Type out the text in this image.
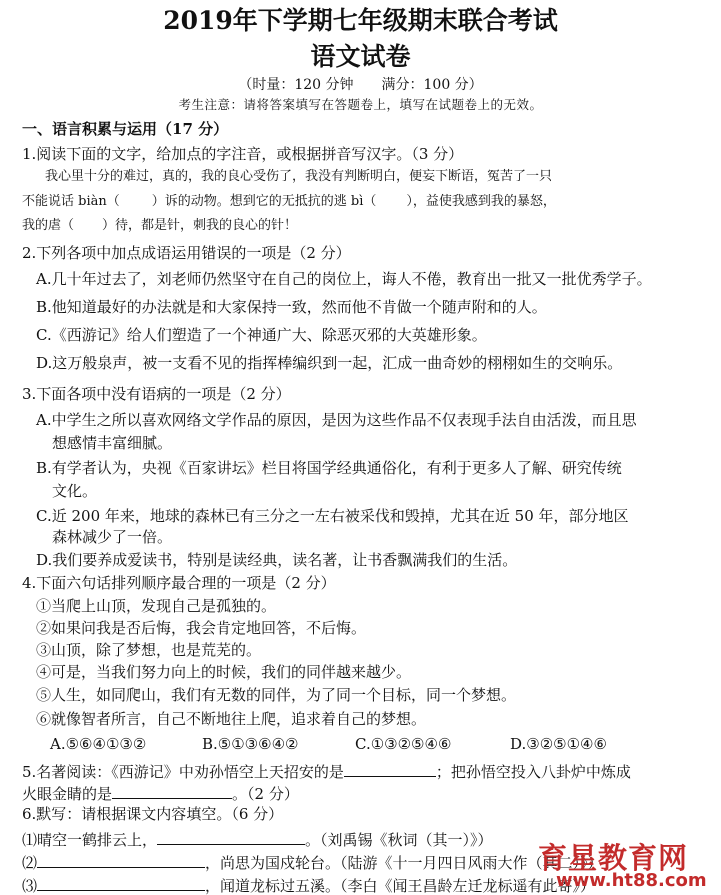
2019年下学期七年级期末联合考试
语文试卷
（时量：120 分钟　　满分：100 分）
考生注意：请将答案填写在答题卷上，填写在试题卷上的无效。
一、语言积累与运用（17 分）
1.阅读下面的文字，给加点的字注音，或根据拼音写汉字。（3 分）
我心里十分的难过，真的，我的良心受伤了，我没有判断明白，便妄下断语，冤苦了一只
不能说话 biàn（ ）诉的动物。想到它的无抵抗的逃 bì（ ），益使我感到我的暴怒，
我的虐（ ）待，都是针，刺我的良心的针！
2.下列各项中加点成语运用错误的一项是（2 分）
A.几十年过去了，刘老师仍然坚守在自己的岗位上，诲人不倦，教育出一批又一批优秀学子。
B.他知道最好的办法就是和大家保持一致，然而他不肯做一个随声附和的人。
C.《西游记》给人们塑造了一个神通广大、除恶灭邪的大英雄形象。
D.这万般泉声，被一支看不见的指挥棒编织到一起，汇成一曲奇妙的栩栩如生的交响乐。
3.下面各项中没有语病的一项是（2 分）
A.中学生之所以喜欢网络文学作品的原因，是因为这些作品不仅表现手法自由活泼，而且思
想感情丰富细腻。
B.有学者认为，央视《百家讲坛》栏目将国学经典通俗化，有利于更多人了解、研究传统
文化。
C.近 200 年来，地球的森林已有三分之一左右被采伐和毁掉，尤其在近 50 年，部分地区
森林减少了一倍。
D.我们要养成爱读书，特别是读经典，读名著，让书香飘满我们的生活。
4.下面六句话排列顺序最合理的一项是（2 分）
①当爬上山顶，发现自己是孤独的。
②如果问我是否后悔，我会肯定地回答，不后悔。
③山顶，除了梦想，也是荒芜的。
④可是，当我们努力向上的时候，我们的同伴越来越少。
⑤人生，如同爬山，我们有无数的同伴，为了同一个目标，同一个梦想。
⑥就像智者所言，自己不断地往上爬，追求着自己的梦想。
A.⑤⑥④①③②	B.⑤①③⑥④②	C.①③②⑤④⑥	D.③②⑤①④⑥
5.名著阅读：《西游记》中劝孙悟空上天招安的是	；把孙悟空投入八卦炉中炼成
火眼金睛的是	。（2 分）
6.默写：请根据课文内容填空。（6 分）
⑴晴空一鹤排云上，	。（刘禹锡《秋词（其一）》）
⑵	，尚思为国戍轮台。（陆游《十一月四日风雨大作（其二）》）
⑶	，闻道龙标过五溪。（李白《闻王昌龄左迁龙标遥有此寄》）
育星教育网
www.ht88.com
